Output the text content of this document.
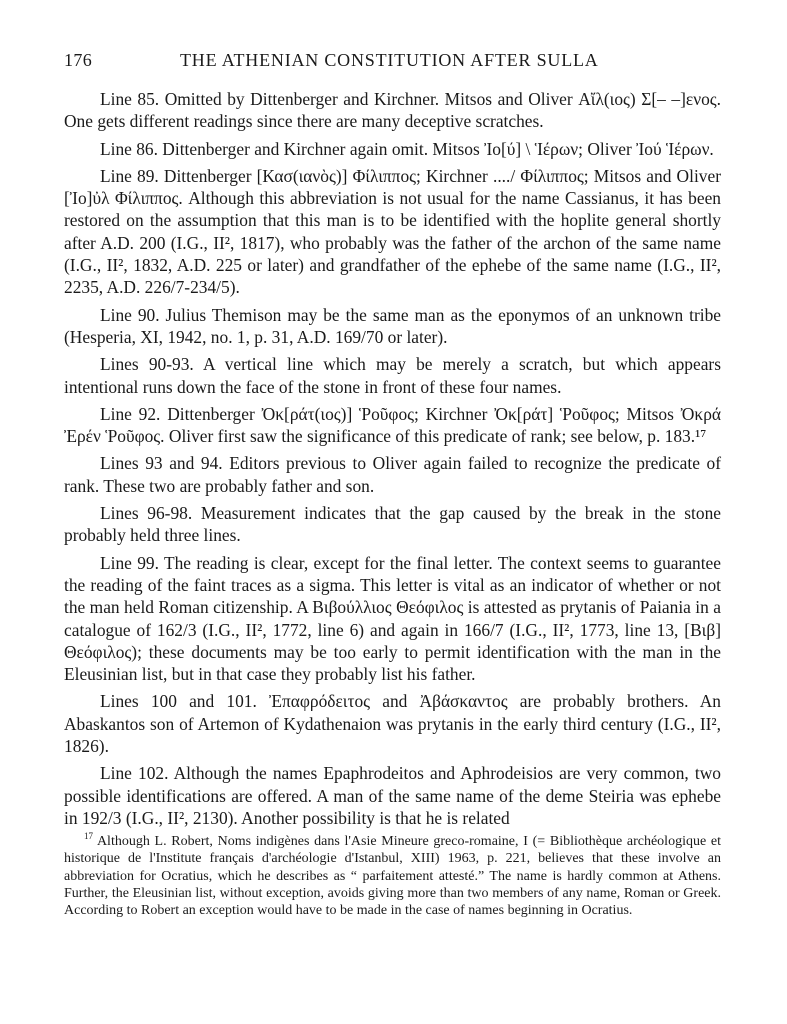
176	THE ATHENIAN CONSTITUTION AFTER SULLA

Line 85. Omitted by Dittenberger and Kirchner. Mitsos and Oliver Αἴλ(ιος) Σ[– –]ενος. One gets different readings since there are many deceptive scratches.

Line 86. Dittenberger and Kirchner again omit. Mitsos Ἰο[ύ] \ Ἱέρων; Oliver Ἰού Ἱέρων.

Line 89. Dittenberger [Κασ(ιανὸς)] Φίλιππος; Kirchner ..../ Φίλιππος; Mitsos and Oliver [Ἰο]ὐλ Φίλιππος. Although this abbreviation is not usual for the name Cassianus, it has been restored on the assumption that this man is to be identified with the hoplite general shortly after A.D. 200 (I.G., II², 1817), who probably was the father of the archon of the same name (I.G., II², 1832, A.D. 225 or later) and grandfather of the ephebe of the same name (I.G., II², 2235, A.D. 226/7-234/5).

Line 90. Julius Themison may be the same man as the eponymos of an unknown tribe (Hesperia, XI, 1942, no. 1, p. 31, A.D. 169/70 or later).

Lines 90-93. A vertical line which may be merely a scratch, but which appears intentional runs down the face of the stone in front of these four names.

Line 92. Dittenberger Ὀκ[ράτ(ιος)] Ῥοῦφος; Kirchner Ὀκ[ράτ] Ῥοῦφος; Mitsos Ὀκρά Ἐρέν Ῥοῦφος. Oliver first saw the significance of this predicate of rank; see below, p. 183.¹⁷

Lines 93 and 94. Editors previous to Oliver again failed to recognize the predicate of rank. These two are probably father and son.

Lines 96-98. Measurement indicates that the gap caused by the break in the stone probably held three lines.

Line 99. The reading is clear, except for the final letter. The context seems to guarantee the reading of the faint traces as a sigma. This letter is vital as an indicator of whether or not the man held Roman citizenship. A Βιβούλλιος Θεόφιλος is attested as prytanis of Paiania in a catalogue of 162/3 (I.G., II², 1772, line 6) and again in 166/7 (I.G., II², 1773, line 13, [Βιβ] Θεόφιλος); these documents may be too early to permit identification with the man in the Eleusinian list, but in that case they probably list his father.

Lines 100 and 101. Ἐπαφρόδειτος and Ἀβάσκαντος are probably brothers. An Abaskantos son of Artemon of Kydathenaion was prytanis in the early third century (I.G., II², 1826).

Line 102. Although the names Epaphrodeitos and Aphrodeisios are very common, two possible identifications are offered. A man of the same name of the deme Steiria was ephebe in 192/3 (I.G., II², 2130). Another possibility is that he is related

$^{17}$ Although L. Robert, Noms indigènes dans l'Asie Mineure greco-romaine, I (= Bibliothèque archéologique et historique de l'Institute français d'archéologie d'Istanbul, XIII) 1963, p. 221, believes that these involve an abbreviation for Ocratius, which he describes as “ parfaitement attesté.” The name is hardly common at Athens. Further, the Eleusinian list, without exception, avoids giving more than two members of any name, Roman or Greek. According to Robert an exception would have to be made in the case of names beginning in Ocratius.
